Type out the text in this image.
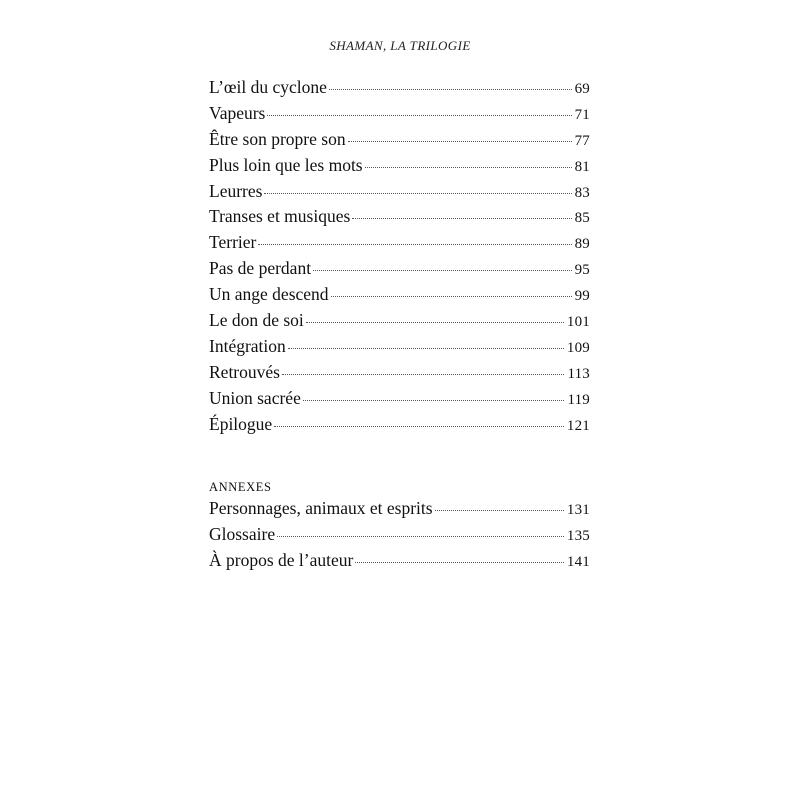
SHAMAN, LA TRILOGIE
L’œil du cyclone	69
Vapeurs	71
Être son propre son	77
Plus loin que les mots	81
Leurres	83
Transes et musiques	85
Terrier	89
Pas de perdant	95
Un ange descend	99
Le don de soi	101
Intégration	109
Retrouvés	113
Union sacrée	119
Épilogue	121
ANNEXES
Personnages, animaux et esprits	131
Glossaire	135
À propos de l’auteur	141
